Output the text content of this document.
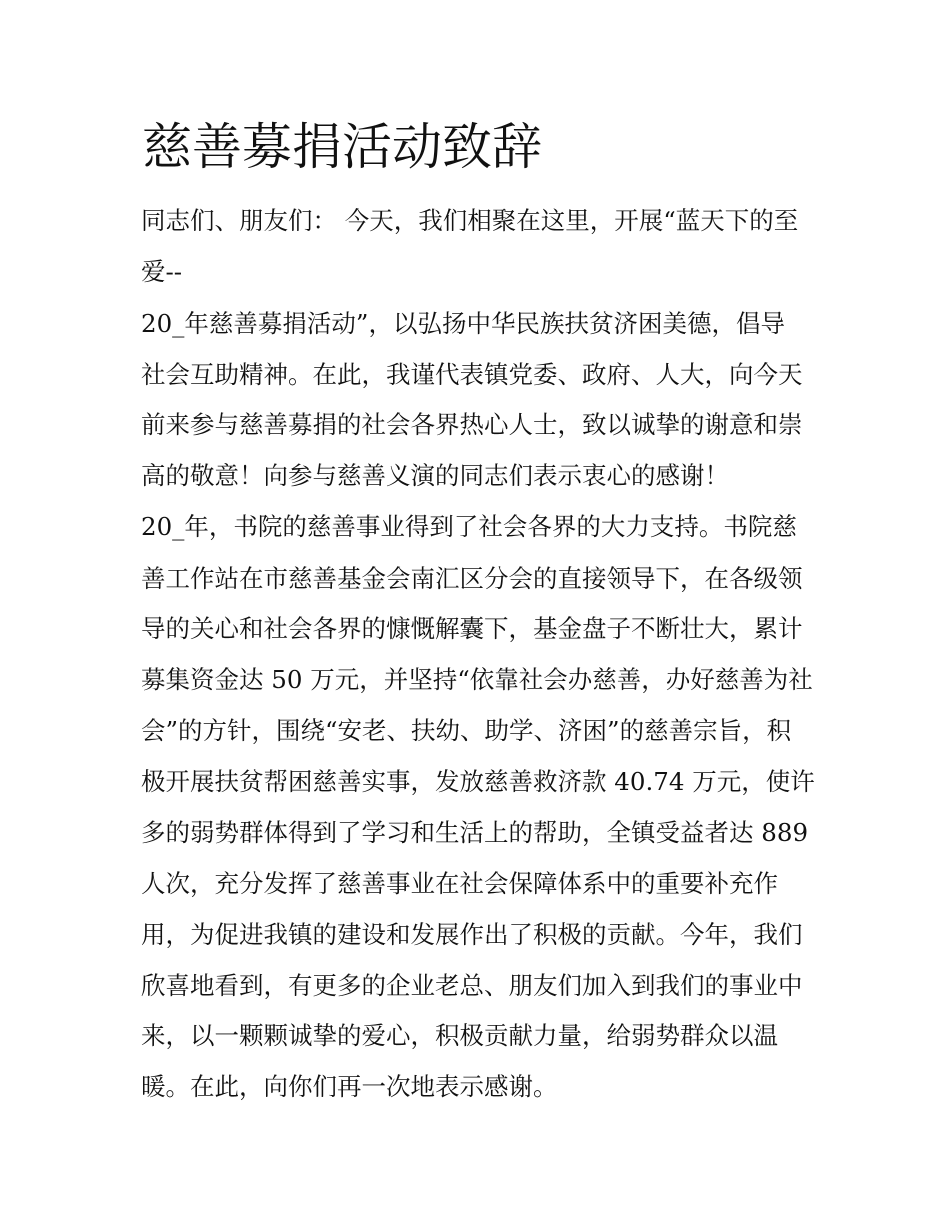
慈善募捐活动致辞

同志们、朋友们： 今天，我们相聚在这里，开展“蓝天下的至

爱--

20_年慈善募捐活动”，以弘扬中华民族扶贫济困美德，倡导

社会互助精神。在此，我谨代表镇党委、政府、人大，向今天

前来参与慈善募捐的社会各界热心人士，致以诚挚的谢意和崇

高的敬意！向参与慈善义演的同志们表示衷心的感谢！

20_年，书院的慈善事业得到了社会各界的大力支持。书院慈

善工作站在市慈善基金会南汇区分会的直接领导下，在各级领

导的关心和社会各界的慷慨解囊下，基金盘子不断壮大，累计

募集资金达 50 万元，并坚持“依靠社会办慈善，办好慈善为社

会”的方针，围绕“安老、扶幼、助学、济困”的慈善宗旨，积

极开展扶贫帮困慈善实事，发放慈善救济款 40.74 万元，使许

多的弱势群体得到了学习和生活上的帮助，全镇受益者达 889

人次，充分发挥了慈善事业在社会保障体系中的重要补充作

用，为促进我镇的建设和发展作出了积极的贡献。今年，我们

欣喜地看到，有更多的企业老总、朋友们加入到我们的事业中

来，以一颗颗诚挚的爱心，积极贡献力量，给弱势群众以温

暖。在此，向你们再一次地表示感谢。
